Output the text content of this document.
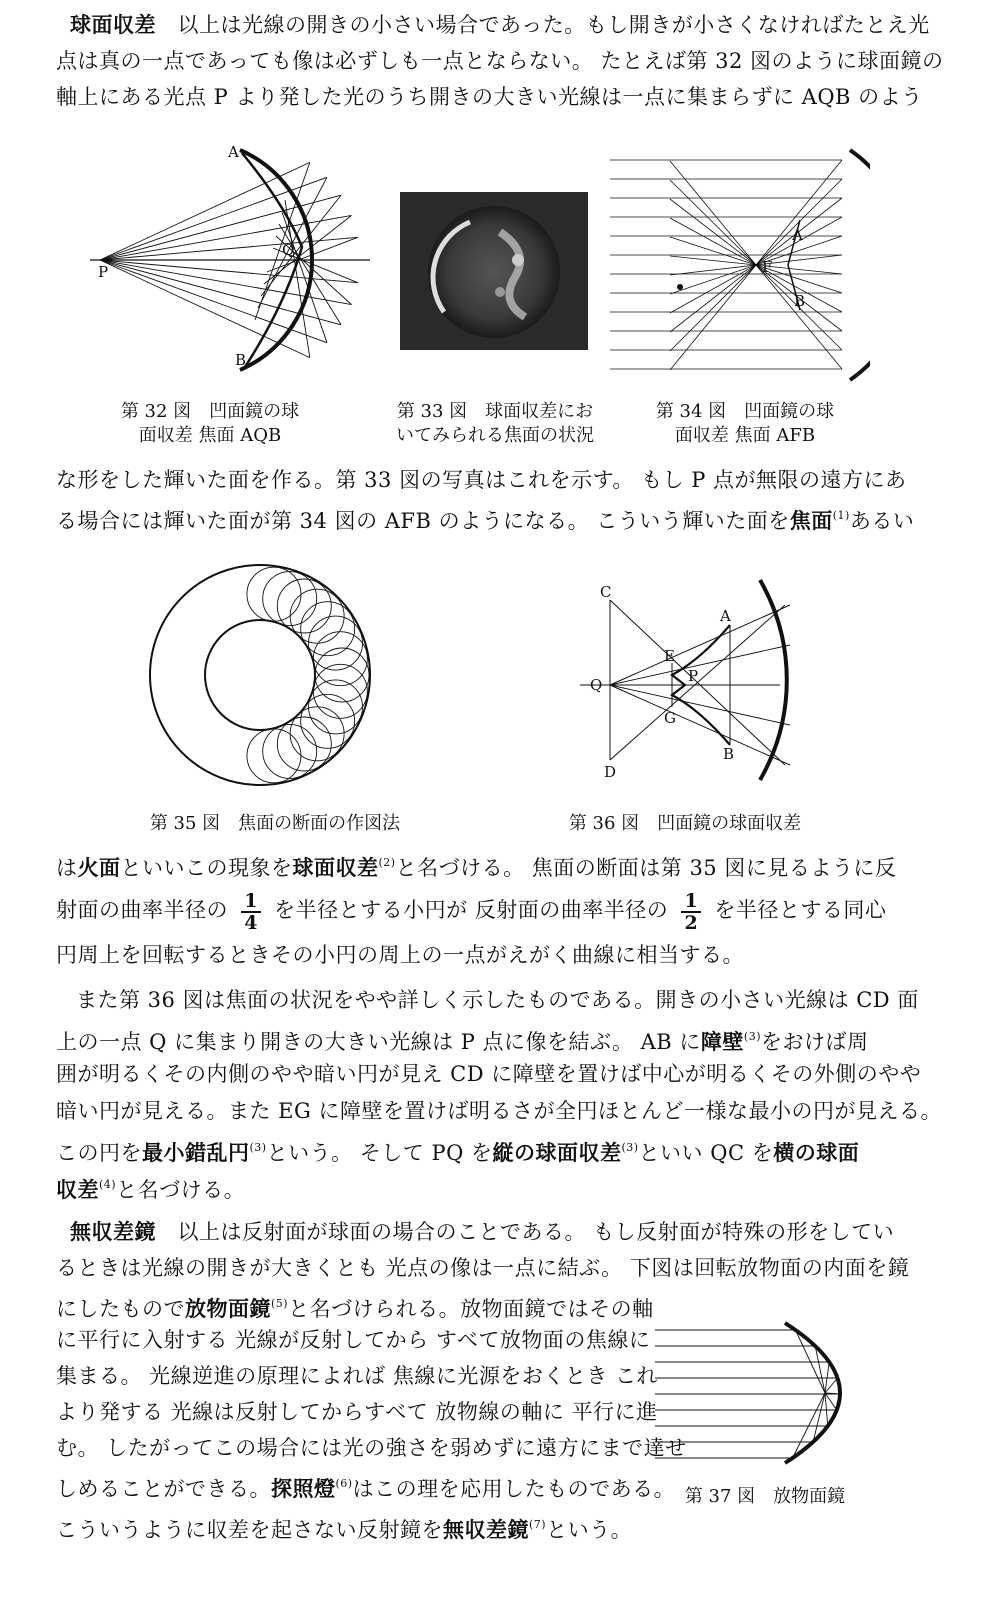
球面収差　 以上は光線の開きの小さい場合であった。もし開きが小さくなければたとえ光
点は真の一点であっても像は必ずしも一点とならない。 たとえば第 32 図のように球面鏡の
軸上にある光点 P より発した光のうち開きの大きい光線は一点に集まらずに AQB のよう
A
B
P
Q
第 32 図　凹面鏡の球
面収差 焦面 AQB
第 33 図　球面収差にお
いてみられる焦面の状況
A
B
F
第 34 図　凹面鏡の球
面収差 焦面 AFB
な形をした輝いた面を作る。第 33 図の写真はこれを示す。 もし P 点が無限の遠方にあ
る場合には輝いた面が第 34 図の AFB のようになる。 こういう輝いた面を焦面$^{(1)}$あるい
第 35 図　焦面の断面の作図法
C
D
Q
E
G
P
A
B
第 36 図　凹面鏡の球面収差
は火面といいこの現象を球面収差$^{(2)}$と名づける。 焦面の断面は第 35 図に見るように反
射面の曲率半径の $\frac{1}{4}$ を半径とする小円が 反射面の曲率半径の $\frac{1}{2}$ を半径とする同心
円周上を回転するときその小円の周上の一点がえがく曲線に相当する。
また第 36 図は焦面の状況をやや詳しく示したものである。開きの小さい光線は CD 面
上の一点 Q に集まり開きの大きい光線は P 点に像を結ぶ。 AB に障壁$^{(3)}$をおけば周
囲が明るくその内側のやや暗い円が見え CD に障壁を置けば中心が明るくその外側のやや
暗い円が見える。また EG に障壁を置けば明るさが全円ほとんど一様な最小の円が見える。
この円を最小錯乱円$^{(3)}$という。 そして PQ を縦の球面収差$^{(3)}$といい QC を横の球面
収差$^{(4)}$と名づける。
無収差鏡　 以上は反射面が球面の場合のことである。 もし反射面が特殊の形をしてい
るときは光線の開きが大きくとも 光点の像は一点に結ぶ。 下図は回転放物面の内面を鏡
にしたもので放物面鏡$^{(5)}$と名づけられる。放物面鏡ではその軸
に平行に入射する 光線が反射してから すべて放物面の焦線に
集まる。 光線逆進の原理によれば 焦線に光源をおくとき これ
より発する 光線は反射してからすべて 放物線の軸に 平行に進
む。 したがってこの場合には光の強さを弱めずに遠方にまで達せ
しめることができる。探照燈$^{(6)}$はこの理を応用したものである。
こういうように収差を起さない反射鏡を無収差鏡$^{(7)}$という。
第 37 図　放物面鏡
